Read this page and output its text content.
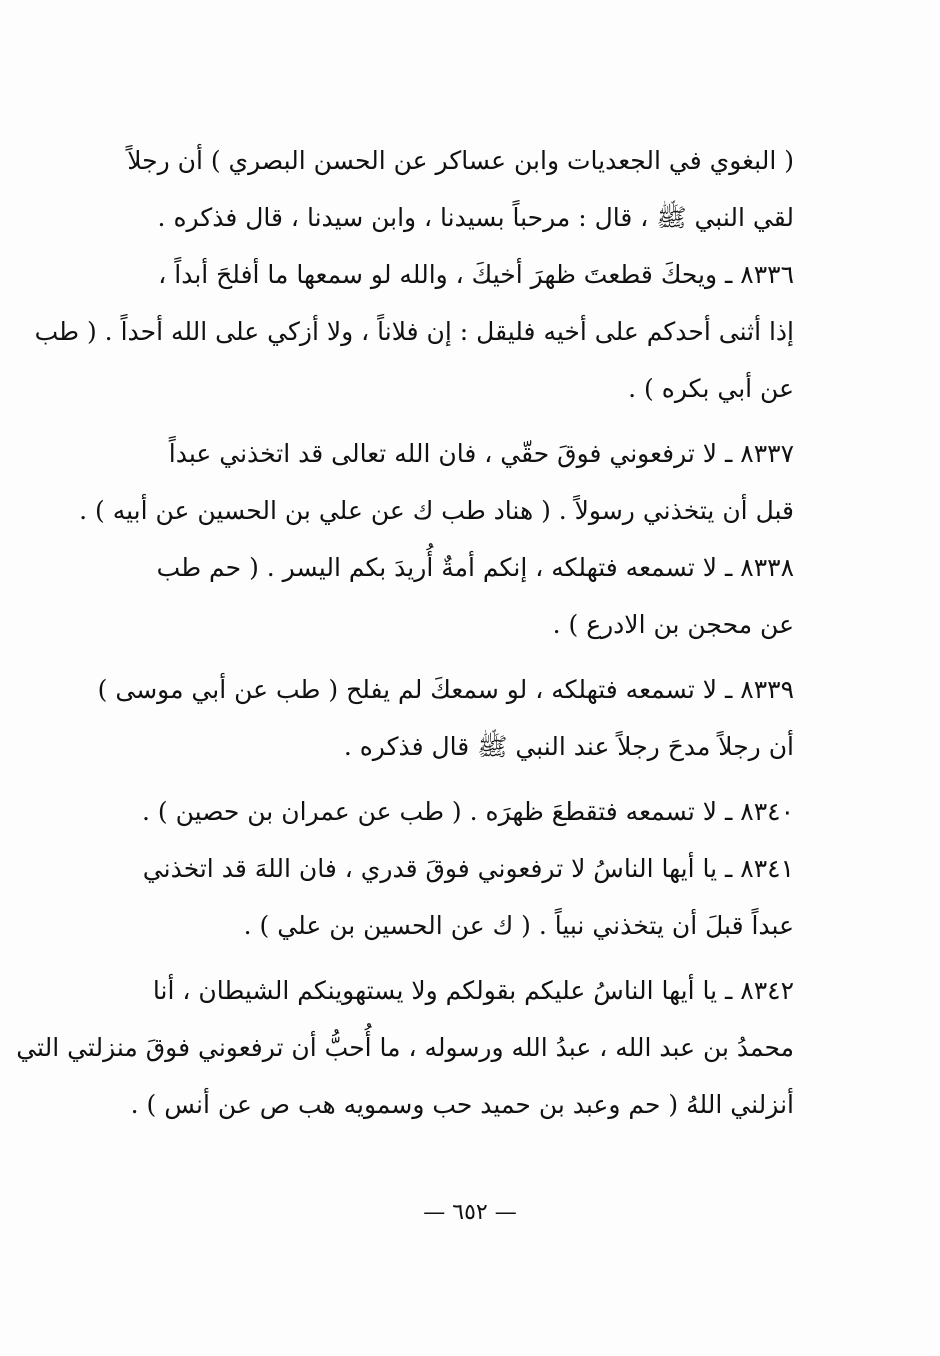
( البغوي في الجعديات وابن عساكر عن الحسن البصري ) أن رجلاً
لقي النبي ﷺ ، قال : مرحباً بسيدنا ، وابن سيدنا ، قال فذكره .
٨٣٣٦ ـ ويحكَ قطعتَ ظهرَ أخيكَ ، والله لو سمعها ما أفلحَ أبداً ،
إذا أثنى أحدكم على أخيه فليقل : إن فلاناً ، ولا أزكي على الله أحداً . ( طب
عن أبي بكره ) .
٨٣٣٧ ـ لا ترفعوني فوقَ حقّي ، فان الله تعالى قد اتخذني عبداً
قبل أن يتخذني رسولاً . ( هناد طب ك عن علي بن الحسين عن أبيه ) .
٨٣٣٨ ـ لا تسمعه فتهلكه ، إنكم أمةٌ أُريدَ بكم اليسر . ( حم طب
عن محجن بن الادرع ) .
٨٣٣٩ ـ لا تسمعه فتهلكه ، لو سمعكَ لم يفلح ( طب عن أبي موسى )
أن رجلاً مدحَ رجلاً عند النبي ﷺ قال فذكره .
٨٣٤٠ ـ لا تسمعه فتقطعَ ظهرَه . ( طب عن عمران بن حصين ) .
٨٣٤١ ـ يا أيها الناسُ لا ترفعوني فوقَ قدري ، فان اللهَ قد اتخذني
عبداً قبلَ أن يتخذني نبياً . ( ك عن الحسين بن علي ) .
٨٣٤٢ ـ يا أيها الناسُ عليكم بقولكم ولا يستهوينكم الشيطان ، أنا
محمدُ بن عبد الله ، عبدُ الله ورسوله ، ما أُحبُّ أن ترفعوني فوقَ منزلتي التي
أنزلني اللهُ ( حم وعبد بن حميد حب وسمويه هب ص عن أنس ) .
— ٦٥٢ —
